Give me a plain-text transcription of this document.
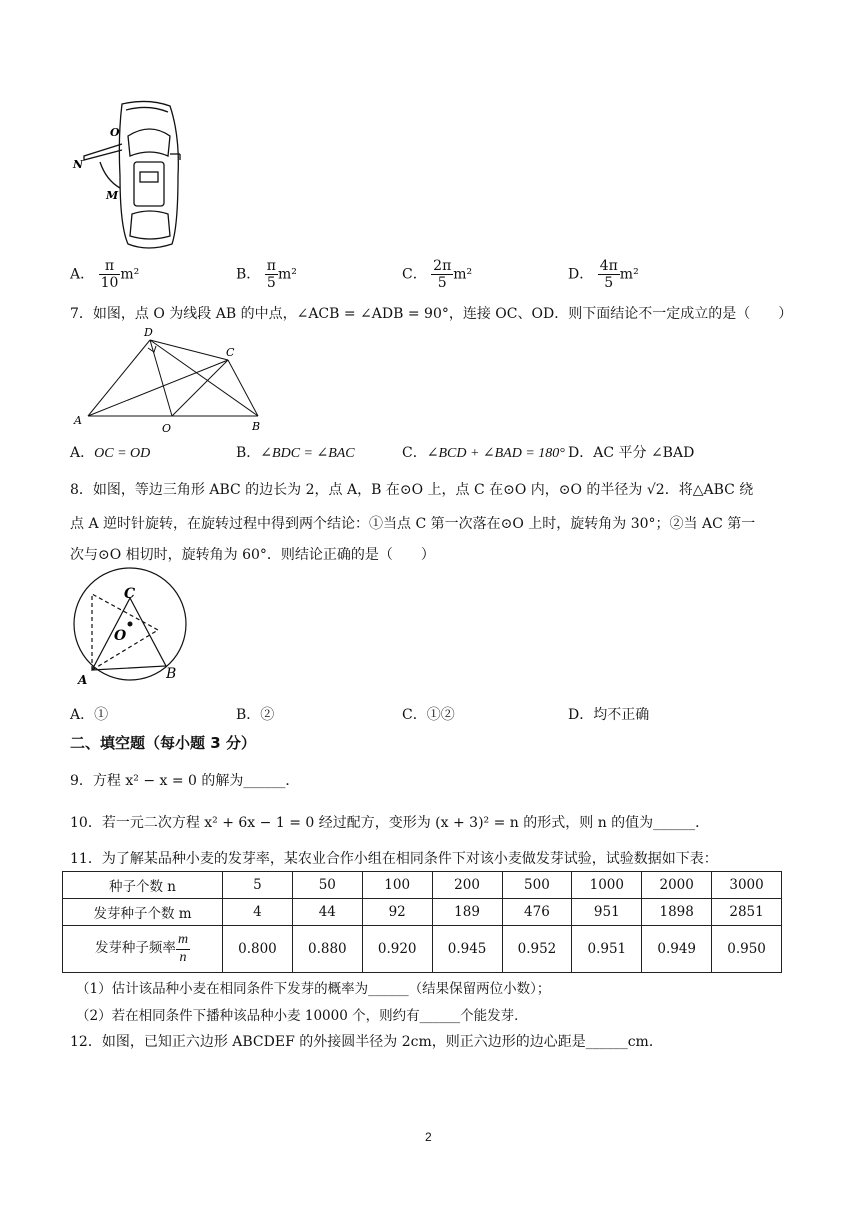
O
N
M
A． $\frac{\pi}{10} m^2$	B． $\frac{\pi}{5} m^2$	C． $\frac{2\pi}{5} m^2$	D． $\frac{4\pi}{5} m^2$
7．如图，点 O 为线段 AB 的中点，∠ACB = ∠ADB = 90°，连接 OC、OD．则下面结论不一定成立的是（　　）
A	B
C
D
O
A．OC = OD	B．∠BDC = ∠BAC	C．∠BCD + ∠BAD = 180° D．AC 平分 ∠BAD
8．如图，等边三角形 ABC 的边长为 2，点 A，B 在⊙O 上，点 C 在⊙O 内，⊙O 的半径为 √2．将△ABC 绕
点 A 逆时针旋转，在旋转过程中得到两个结论：①当点 C 第一次落在⊙O 上时，旋转角为 30°；②当 AC 第一
次与⊙O 相切时，旋转角为 60°．则结论正确的是（　　）
C
O
A	B
A．①	B．②	C．①②	D．均不正确
二、填空题（每小题 3 分）
9．方程 x² − x = 0 的解为______．
10．若一元二次方程 x² + 6x − 1 = 0 经过配方，变形为 (x + 3)² = n 的形式，则 n 的值为______．
11．为了解某品种小麦的发芽率，某农业合作小组在相同条件下对该小麦做发芽试验，试验数据如下表：
种子个数 n	5	50	100	200	500	1000	2000	3000
发芽种子个数 m	4	44	92	189	476	951	1898	2851
发芽种子频率 $\frac{m}{n}$	0.800	0.880	0.920	0.945	0.952	0.951	0.949	0.950
（1）估计该品种小麦在相同条件下发芽的概率为______（结果保留两位小数）；
（2）若在相同条件下播种该品种小麦 10000 个，则约有______个能发芽．
12．如图，已知正六边形 ABCDEF 的外接圆半径为 2cm，则正六边形的边心距是______cm．
2
